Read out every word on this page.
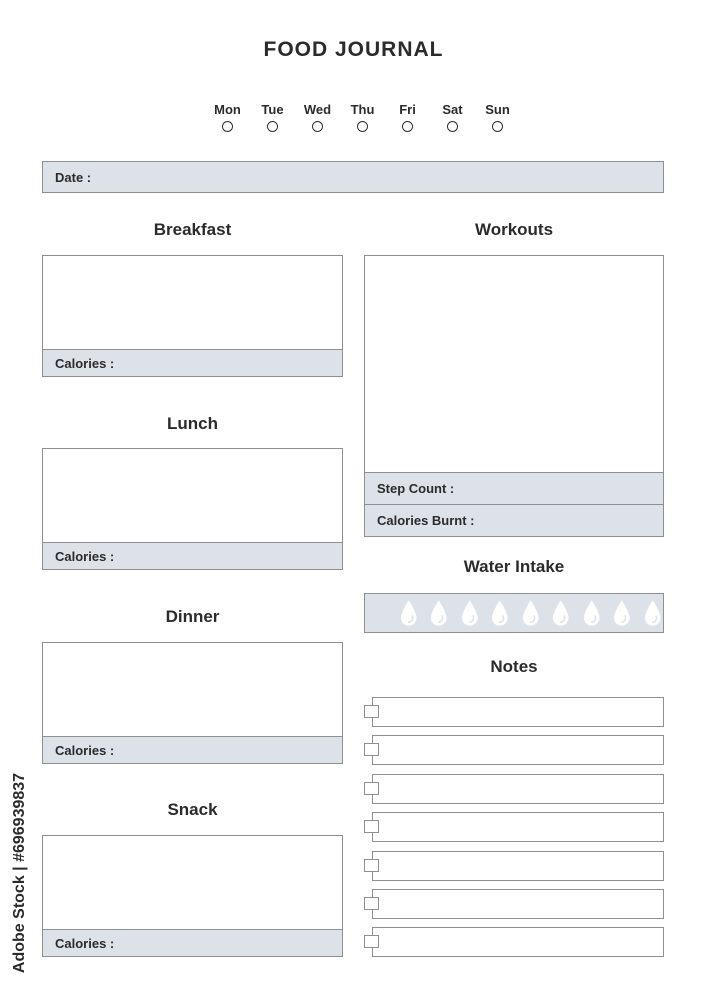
FOOD JOURNAL
Mon Tue Wed Thu Fri Sat Sun
Date :
Breakfast
Calories :
Lunch
Calories :
Dinner
Calories :
Snack
Calories :
Workouts
Step Count :
Calories Burnt :
Water Intake
Notes
Adobe Stock | #696939837
